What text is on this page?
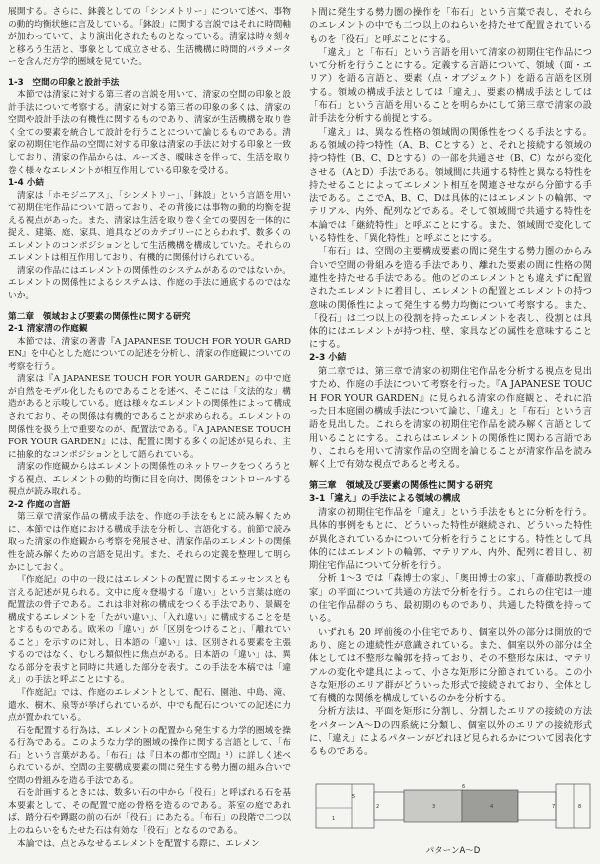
展開する。さらに、鉢義としての「シンメトリー」について述べ、事物の動的均衡状態に言及している。「鉢設」に関する言説ではそれに時間軸が加わっていて、より演出化されたものとなっている。清家は時々刻々と移ろう生活と、事象として成立させる、生活機構に時間的パラメーターを含んだ方学的圏域を見ていた。

1-3　空間の印象と設計手法

本節では清家に対する第三者の言説を用いて、清家の空間の印象と設計手法について考察する。清家に対する第三者の印象の多くは、清家の空間や設計手法の有機性に関するものであり、清家が生活機構を取り巻く全ての要素を統合して設計を行うことについて論じるものである。清家の初期住宅作品の空間に対する印象は清家の手法に対する印象と一致しており、清家の作品からは、ルーズさ、曖昧さを伴って、生活を取り巻く様々なエレメントが相互作用している印象を受ける。

1-4 小結

清家は「ホモジニアス」、「シンメトリー」、「鉢設」という言語を用いて初期住宅作品について語っており、その背後には事物の動的均衡を捉える視点があった。また、清家は生活を取り巻く全ての要因を一体的に捉え、建築、庭、家具、道具などのカテゴリーにとらわれず、数多くのエレメントのコンポジションとして生活機構を構成していた。それらのエレメントは相互作用しており、有機的に関係付けられている。

清家の作品にはエレメントの関係性のシステムがあるのではないか。エレメントの関係性によるシステムは、作庭の手法に通底するのではないか。

第二章　領域および要素の関係性に関する研究
2-1 清家清の作庭観

本節では、清家の著書『A JAPANESE TOUCH FOR YOUR GARDEN』を中心とした庭についての記述を分析し、清家の作庭観についての考察を行う。

清家は『A JAPANESE TOUCH FOR YOUR GARDEN』の中で庭が自然をモデル化したものであることを述べ、そこには「文法的な」構造があると示唆している。庭は様々なエレメントの関係性によって構成されており、その関係は有機的であることが求められる。エレメントの関係性を扱う上で重要なのが、配置法である。『A JAPANESE TOUCH FOR YOUR GARDEN』には、配置に関する多くの記述が見られ、主に抽象的なコンポジションとして語られている。

清家の作庭観からはエレメントの関係性のネットワークをつくろうとする視点、エレメントの動的均衡に目を向け、関係をコントロールする視点が読み取れる。

2-2 作庭の言語

第三章で清家作品の構成手法を、作庭の手法をもとに読み解くために、本節では作庭における構成手法を分析し、言語化する。前節で読み取った清家の作庭観から考察を発展させ、清家作品のエレメントの関係性を読み解くための言語を見出す。また、それらの定義を整理して明らかにしておく。

『作庭記』の中の一段にはエレメントの配置に関するエッセンスとも言える記述が見られる。文中に度々登場する「違い」という言葉は庭の配置法の骨子である。これは非対称の構成をつくる手法であり、景観を構成するエレメントを「たがい違い」、「入れ違い」に構成することを是とするものである。欧米の「違い」が「区別をつけること」、「離れていること」を示すのに対し、日本語の「違い」は、区別される要素を主張するのではなく、むしろ類似性に焦点がある。日本語の「違い」は、異なる部分を表すと同時に共通した部分を表す。この手法を本稿では「違え」の手法と呼ぶことにする。

『作庭記』では、作庭のエレメントとして、配石、園池、中島、滝、遣水、樹木、泉等が挙げられているが、中でも配石についての記述に力点が置かれている。

石を配置する行為は、エレメントの配置から発生する力学的圏域を操る行為である。このような力学的圏域の操作に関する言語として、「布石」という言葉がある。「布石」は『日本の都市空間』¹）に詳しく述べられているが、空間の主要構成要素の間に発生する勢力圏の組み合いで空間の骨組みを造る手法である。

石を計画するときには、数多い石の中から「役石」と呼ばれる石を基本要素として、その配置で庭の骨格を造るのである。茶室の庭であれば、踏分石や蹲踞の前の石が「役石」にあたる。「布石」の段階で二つ以上のねらいをもたせた石は有効な「役石」となるのである。

本論では、点とみなせるエレメントを配置する際に、エレメン

ト間に発生する勢力圏の操作を「布石」という言葉で表し、それらのエレメントの中でも二つ以上のねらいを持たせて配置されているものを「役石」と呼ぶことにする。

「違え」と「布石」という言語を用いて清家の初期住宅作品について分析を行うことにする。定義する言語について、領域（面・エリア）を語る言語と、要素（点・オブジェクト）を語る言語を区別する。領域の構成手法としては「違え」、要素の構成手法としては「布石」という言語を用いることを明らかにして第三章で清家の設計手法を分析する前提とする。

「違え」は、異なる性格の領域間の関係性をつくる手法とする。ある領域の持つ特性（A、B、Cとする）と、それと接続する領域の持つ特性（B、C、Dとする）の一部を共通させ（B、C）ながら変化させる（AとD）手法である。領域間に共通する特性と異なる特性を持たせることによってエレメント相互を関連させながら分節する手法である。ここでA、B、C、Dは具体的にはエレメントの輪郭、マテリアル、内外、配列などである。そして領域間で共通する特性を本論では「継続特性」と呼ぶことにする。また、領域間で変化している特性を、「異化特性」と呼ぶことにする。

「布石」は、空間の主要構成要素の間に発生する勢力圏のからみ合いで空間の骨組みを造る手法であり、離れた要素の間に性格の関連性を持たせる手法である。他のどのエレメントとも違えずに配置されたエレメントに着目し、エレメントの配置とエレメントの持つ意味の関係性によって発生する勢力均衡について考察する。また、「役石」は二つ以上の役割を持ったエレメントを表し、役割とは具体的にはエレメントが持つ柱、壁、家具などの属性を意味することにする。

2-3 小結

第二章では、第三章で清家の初期住宅作品を分析する視点を見出すため、作庭の手法について考察を行った。『A JAPANESE TOUCH FOR YOUR GARDEN』に見られる清家の作庭観と、それに沿った日本庭園の構成手法について論じ、「違え」と「布石」という言語を見出した。これらを清家の初期住宅作品を読み解く言語として用いることにする。これらはエレメントの関係性に関わる言語であり、これらを用いて清家作品の空間を論じることが清家作品を読み解く上で有効な視点であると考える。

第三章　領域及び要素の関係性に関する研究
3-1「違え」の手法による領域の構成

清家の初期住宅作品を「違え」という手法をもとに分析を行う。具体的事例をもとに、どういった特性が継続され、どういった特性が異化されているかについて分析を行うことにする。特性として具体的にはエレメントの輪郭、マテリアル、内外、配列に着目し、初期住宅作品について分析を行う。

分析 1〜3 では「森博士の家」、「奥田博士の家」、「斎藤助教授の家」の平面について共通の方法で分析を行う。これらの住宅は一連の住宅作品群のうち、最初期のものであり、共通した特徴を持っている。

いずれも 20 坪前後の小住宅であり、個室以外の部分は開放的であり、庭との連続性が意識されている。また、個室以外の部分は全体としては不整形な輪郭を持っており、その不整形な床は、マテリアルの変化や建具によって、小さな矩形に分節されている。この小さな矩形のエリア群がどういった形式で接続されており、全体として有機的な関係を構成しているのかを分析する。

分析方法は、平面を矩形に分割し、分割したエリアの接続の方法をパターンA〜Dの四系統に分類し、個室以外のエリアの接続形式に、「違え」によるパターンがどれほど見られるかについて図表化するものである。

5
1
2	3
6
4	7	8
パターンA〜D
